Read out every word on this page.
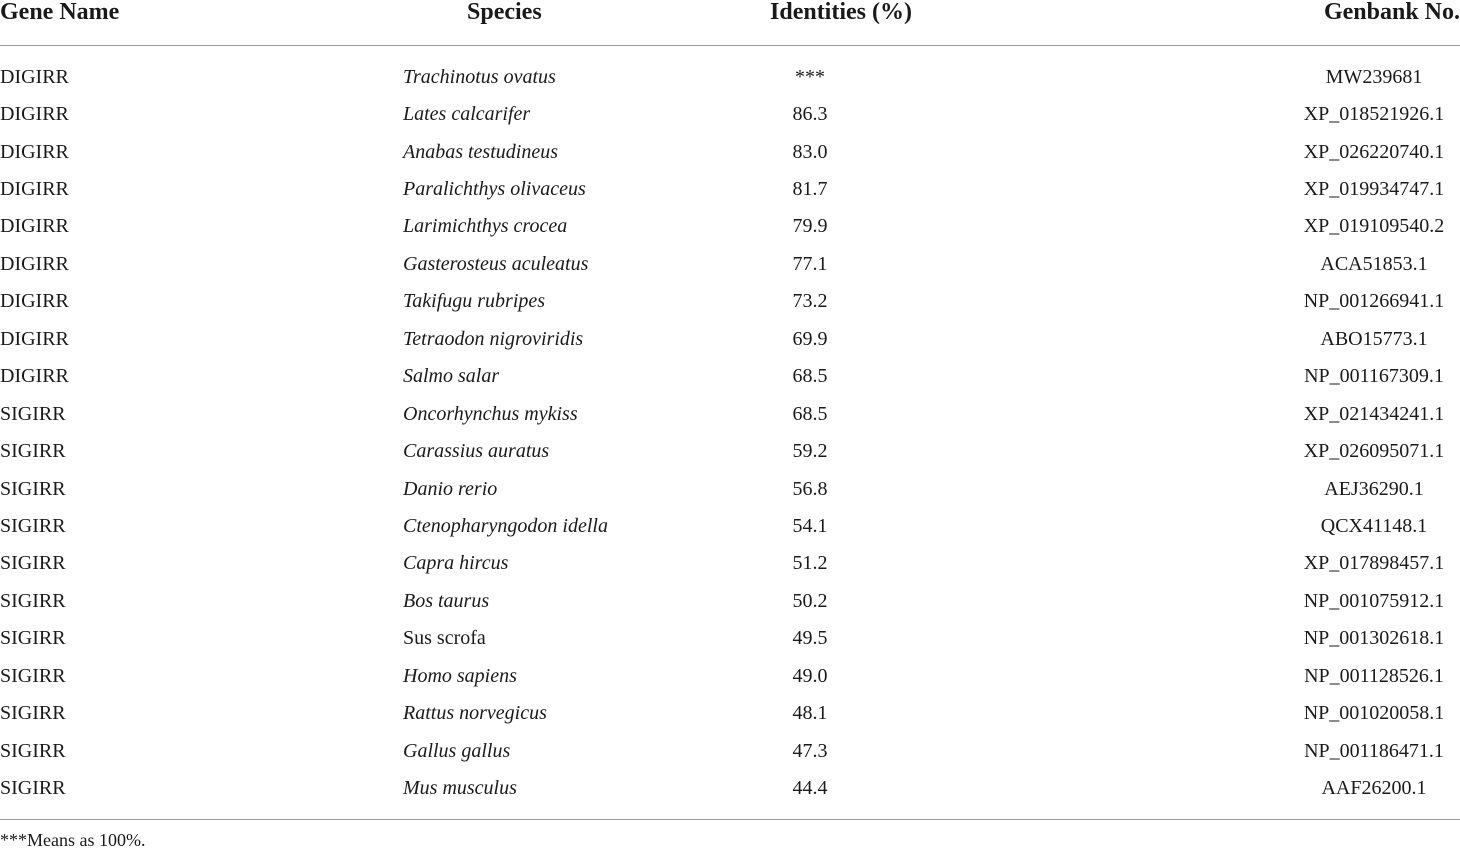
Gene Name	Species	Identities (%)	Genbank No.
DIGIRR	Trachinotus ovatus	***	MW239681
DIGIRR	Lates calcarifer	86.3	XP_018521926.1
DIGIRR	Anabas testudineus	83.0	XP_026220740.1
DIGIRR	Paralichthys olivaceus	81.7	XP_019934747.1
DIGIRR	Larimichthys crocea	79.9	XP_019109540.2
DIGIRR	Gasterosteus aculeatus	77.1	ACA51853.1
DIGIRR	Takifugu rubripes	73.2	NP_001266941.1
DIGIRR	Tetraodon nigroviridis	69.9	ABO15773.1
DIGIRR	Salmo salar	68.5	NP_001167309.1
SIGIRR	Oncorhynchus mykiss	68.5	XP_021434241.1
SIGIRR	Carassius auratus	59.2	XP_026095071.1
SIGIRR	Danio rerio	56.8	AEJ36290.1
SIGIRR	Ctenopharyngodon idella	54.1	QCX41148.1
SIGIRR	Capra hircus	51.2	XP_017898457.1
SIGIRR	Bos taurus	50.2	NP_001075912.1
SIGIRR	Sus scrofa	49.5	NP_001302618.1
SIGIRR	Homo sapiens	49.0	NP_001128526.1
SIGIRR	Rattus norvegicus	48.1	NP_001020058.1
SIGIRR	Gallus gallus	47.3	NP_001186471.1
SIGIRR	Mus musculus	44.4	AAF26200.1
***Means as 100%.			
